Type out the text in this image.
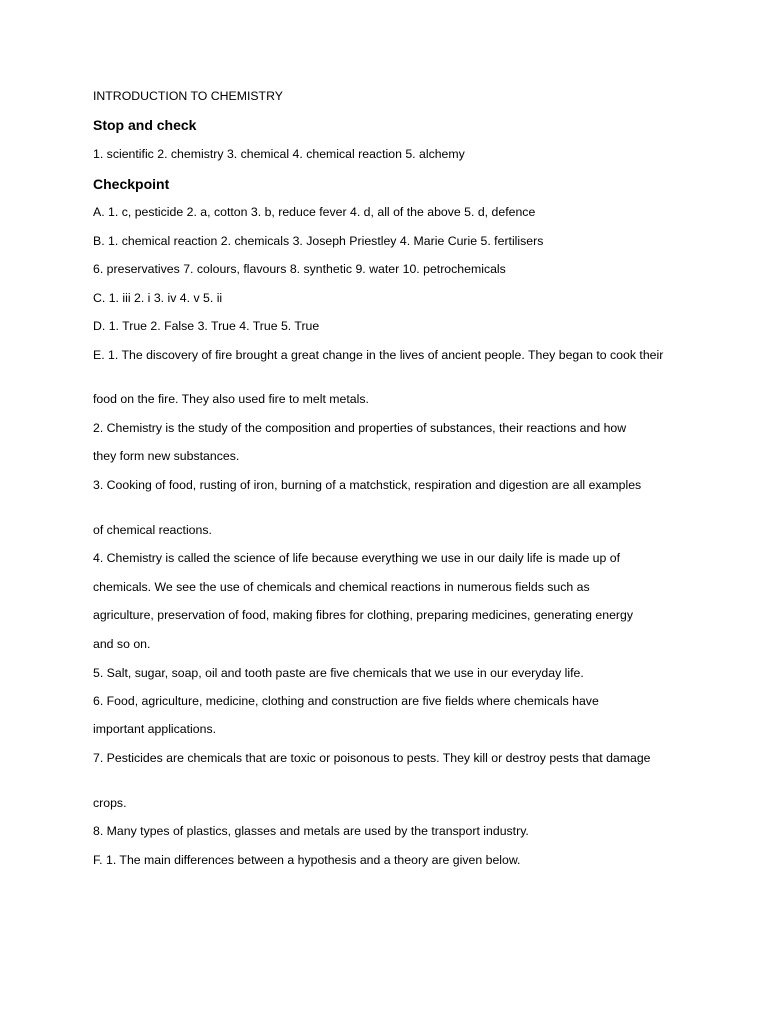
INTRODUCTION TO CHEMISTRY
Stop and check
1. scientific 2. chemistry 3. chemical 4. chemical reaction 5. alchemy
Checkpoint
A. 1. c, pesticide 2. a, cotton 3. b, reduce fever 4. d, all of the above 5. d, defence
B. 1. chemical reaction 2. chemicals 3. Joseph Priestley 4. Marie Curie 5. fertilisers
6. preservatives 7. colours, flavours 8. synthetic 9. water 10. petrochemicals
C. 1. iii 2. i 3. iv 4. v 5. ii
D. 1. True 2. False 3. True 4. True 5. True
E. 1. The discovery of fire brought a great change in the lives of ancient people. They began to cook their
food on the fire. They also used fire to melt metals.
2. Chemistry is the study of the composition and properties of substances, their reactions and how
they form new substances.
3. Cooking of food, rusting of iron, burning of a matchstick, respiration and digestion are all examples
of chemical reactions.
4. Chemistry is called the science of life because everything we use in our daily life is made up of
chemicals. We see the use of chemicals and chemical reactions in numerous fields such as
agriculture, preservation of food, making fibres for clothing, preparing medicines, generating energy
and so on.
5. Salt, sugar, soap, oil and tooth paste are five chemicals that we use in our everyday life.
6. Food, agriculture, medicine, clothing and construction are five fields where chemicals have
important applications.
7. Pesticides are chemicals that are toxic or poisonous to pests. They kill or destroy pests that damage
crops.
8. Many types of plastics, glasses and metals are used by the transport industry.
F. 1. The main differences between a hypothesis and a theory are given below.
